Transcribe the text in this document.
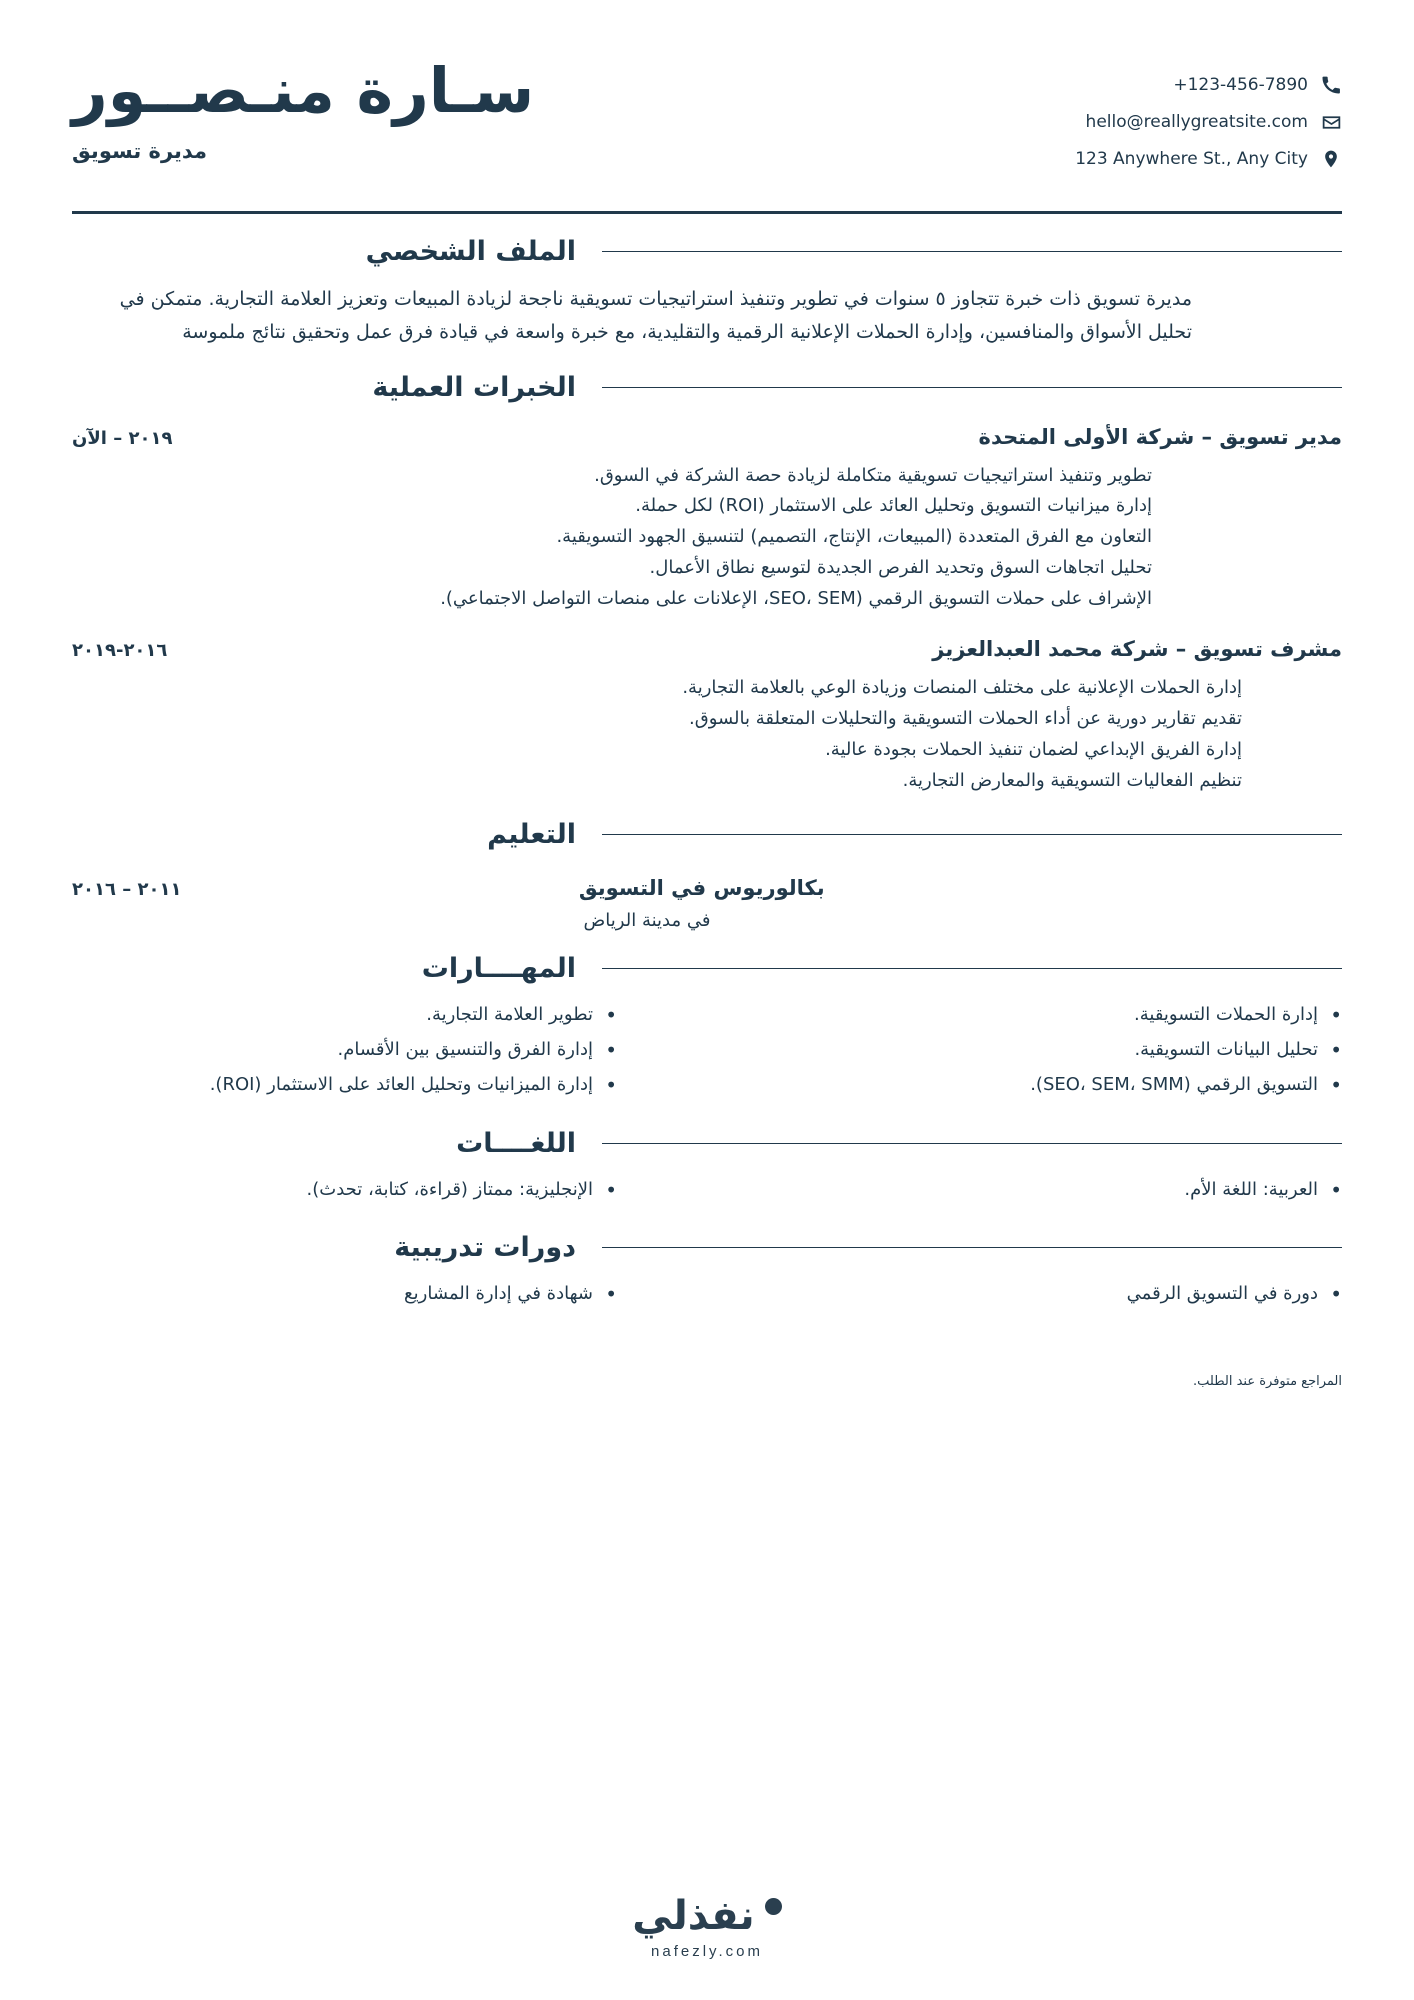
سـارة منـصــور
مديرة تسويق
+123-456-7890
hello@reallygreatsite.com
123 Anywhere St., Any City
الملف الشخصي
مديرة تسويق ذات خبرة تتجاوز ٥ سنوات في تطوير وتنفيذ استراتيجيات تسويقية ناجحة لزيادة المبيعات وتعزيز العلامة التجارية. متمكن في تحليل الأسواق والمنافسين، وإدارة الحملات الإعلانية الرقمية والتقليدية، مع خبرة واسعة في قيادة فرق عمل وتحقيق نتائج ملموسة
الخبرات العملية
مدير تسويق – شركة الأولى المتحدة
٢٠١٩ – الآن

تطوير وتنفيذ استراتيجيات تسويقية متكاملة لزيادة حصة الشركة في السوق.

إدارة ميزانيات التسويق وتحليل العائد على الاستثمار (ROI) لكل حملة.

التعاون مع الفرق المتعددة (المبيعات، الإنتاج، التصميم) لتنسيق الجهود التسويقية.

تحليل اتجاهات السوق وتحديد الفرص الجديدة لتوسيع نطاق الأعمال.

الإشراف على حملات التسويق الرقمي (SEO، SEM، الإعلانات على منصات التواصل الاجتماعي).

مشرف تسويق – شركة محمد العبدالعزيز
٢٠١٦-٢٠١٩

إدارة الحملات الإعلانية على مختلف المنصات وزيادة الوعي بالعلامة التجارية.

تقديم تقارير دورية عن أداء الحملات التسويقية والتحليلات المتعلقة بالسوق.

إدارة الفريق الإبداعي لضمان تنفيذ الحملات بجودة عالية.

تنظيم الفعاليات التسويقية والمعارض التجارية.

التعليم
بكالوريوس في التسويق
٢٠١١ – ٢٠١٦
في مدينة الرياض
المهــــارات
• إدارة الحملات التسويقية.
• تحليل البيانات التسويقية.
• التسويق الرقمي (SEO، SEM، SMM).
• تطوير العلامة التجارية.
• إدارة الفرق والتنسيق بين الأقسام.
• إدارة الميزانيات وتحليل العائد على الاستثمار (ROI).
اللغــــات
• العربية: اللغة الأم.
• الإنجليزية: ممتاز (قراءة، كتابة، تحدث).
دورات تدريبية
• دورة في التسويق الرقمي
• شهادة في إدارة المشاريع
المراجع متوفرة عند الطلب.
نفذلي
nafezly.com
